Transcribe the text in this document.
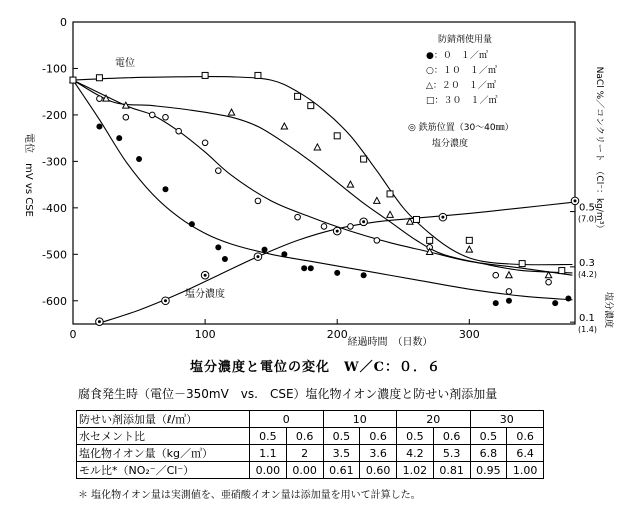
0
-100
-200
-300
-400
-500
-600
0	100	200	300
0.5
(7.0)
0.3
(4.2)
0.1
(1.4)
電位　mV vs CSE
経過時間　（日数）
NaCl %／コンクリート　（Cl⁻：kg/m³）
塩分濃度
電位
塩分濃度
防錆剤使用量
●：０　１／㎥
○：１０　１／㎥
△：２０　１／㎥
□：３０　１／㎥
◎ 鉄筋位置（30〜40㎜）
塩分濃度
塩分濃度と電位の変化　W／C：０．６
腐食発生時（電位－350mV　vs.　CSE）塩化物イオン濃度と防せい剤添加量
防せい剤添加量（ℓ/㎥）	0		10		20		30	
水セメント比	0.5	0.6	0.5	0.6	0.5	0.6	0.5	0.6
塩化物イオン量（kg／㎥）	1.1	2	3.5	3.6	4.2	5.3	6.8	6.4
モル比*（NO₂⁻／Cl⁻）	0.00	0.00	0.61	0.60	1.02	0.81	0.95	1.00
＊ 塩化物イオン量は実測値を、亜硝酸イオン量は添加量を用いて計算した。
